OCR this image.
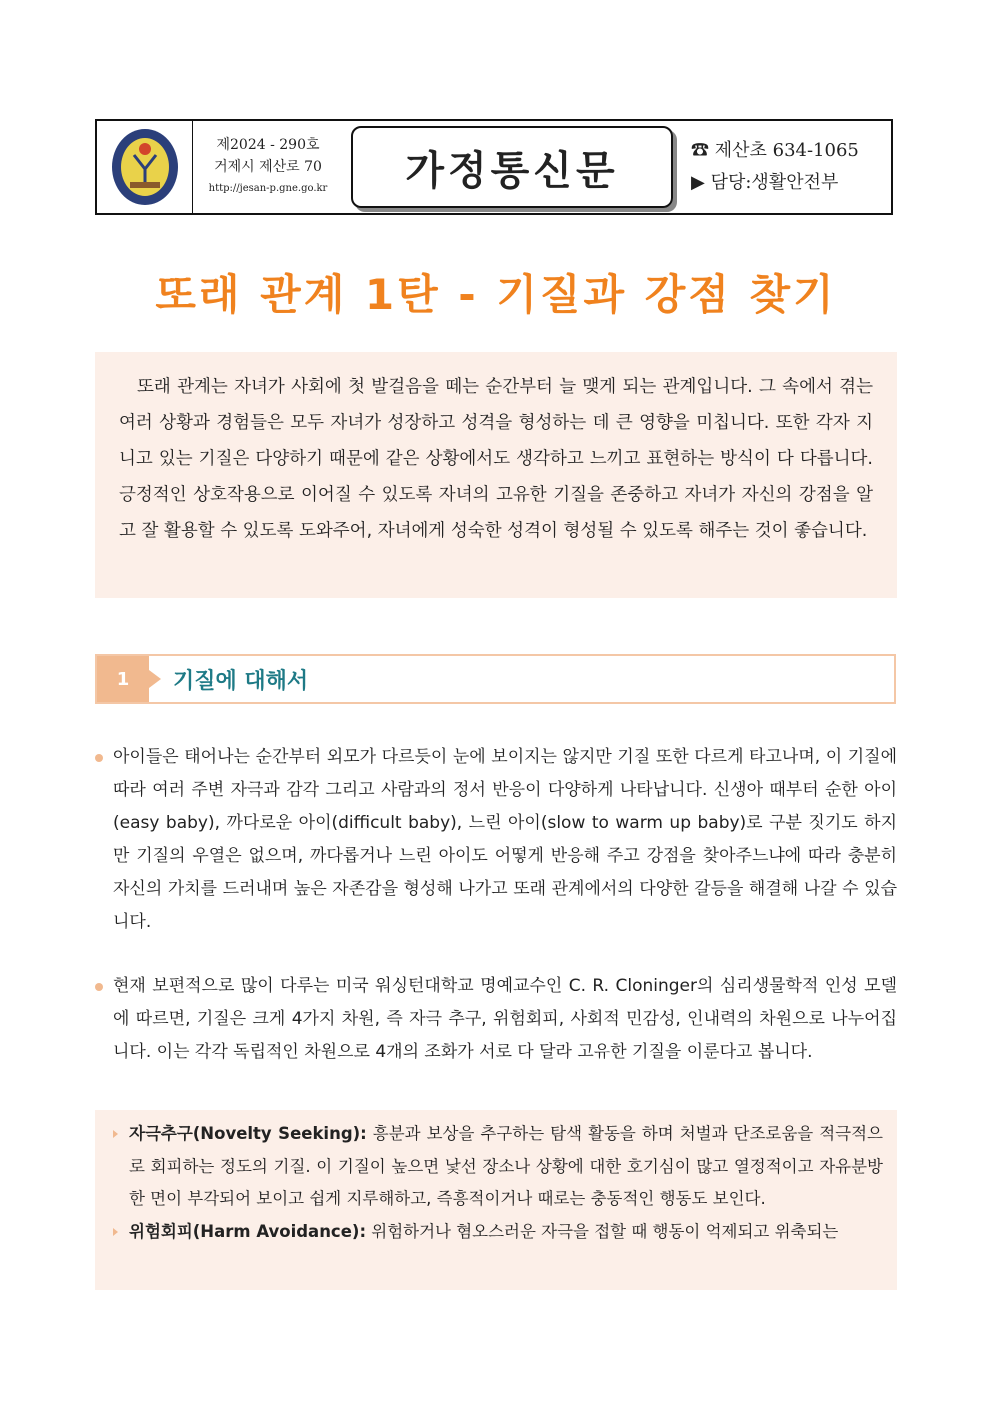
제2024 - 290호
거제시 제산로 70
http://jesan-p.gne.go.kr	가정통신문	☎ 제산초 634-1065
▶ 담당:생활안전부
또래 관계 1탄 - 기질과 강점 찾기
또래 관계는 자녀가 사회에 첫 발걸음을 떼는 순간부터 늘 맺게 되는 관계입니다. 그 속에서 겪는 여러 상황과 경험들은 모두 자녀가 성장하고 성격을 형성하는 데 큰 영향을 미칩니다. 또한 각자 지니고 있는 기질은 다양하기 때문에 같은 상황에서도 생각하고 느끼고 표현하는 방식이 다 다릅니다. 긍정적인 상호작용으로 이어질 수 있도록 자녀의 고유한 기질을 존중하고 자녀가 자신의 강점을 알고 잘 활용할 수 있도록 도와주어, 자녀에게 성숙한 성격이 형성될 수 있도록 해주는 것이 좋습니다.
1	기질에 대해서
아이들은 태어나는 순간부터 외모가 다르듯이 눈에 보이지는 않지만 기질 또한 다르게 타고나며, 이 기질에 따라 여러 주변 자극과 감각 그리고 사람과의 정서 반응이 다양하게 나타납니다. 신생아 때부터 순한 아이(easy baby), 까다로운 아이(difficult baby), 느린 아이(slow to warm up baby)로 구분 짓기도 하지만 기질의 우열은 없으며, 까다롭거나 느린 아이도 어떻게 반응해 주고 강점을 찾아주느냐에 따라 충분히 자신의 가치를 드러내며 높은 자존감을 형성해 나가고 또래 관계에서의 다양한 갈등을 해결해 나갈 수 있습니다.
현재 보편적으로 많이 다루는 미국 워싱턴대학교 명예교수인 C. R. Cloninger의 심리생물학적 인성 모델에 따르면, 기질은 크게 4가지 차원, 즉 자극 추구, 위험회피, 사회적 민감성, 인내력의 차원으로 나누어집니다. 이는 각각 독립적인 차원으로 4개의 조화가 서로 다 달라 고유한 기질을 이룬다고 봅니다.
자극추구(Novelty Seeking): 흥분과 보상을 추구하는 탐색 활동을 하며 처벌과 단조로움을 적극적으로 회피하는 정도의 기질. 이 기질이 높으면 낯선 장소나 상황에 대한 호기심이 많고 열정적이고 자유분방한 면이 부각되어 보이고 쉽게 지루해하고, 즉흥적이거나 때로는 충동적인 행동도 보인다.
위험회피(Harm Avoidance): 위험하거나 혐오스러운 자극을 접할 때 행동이 억제되고 위축되는
